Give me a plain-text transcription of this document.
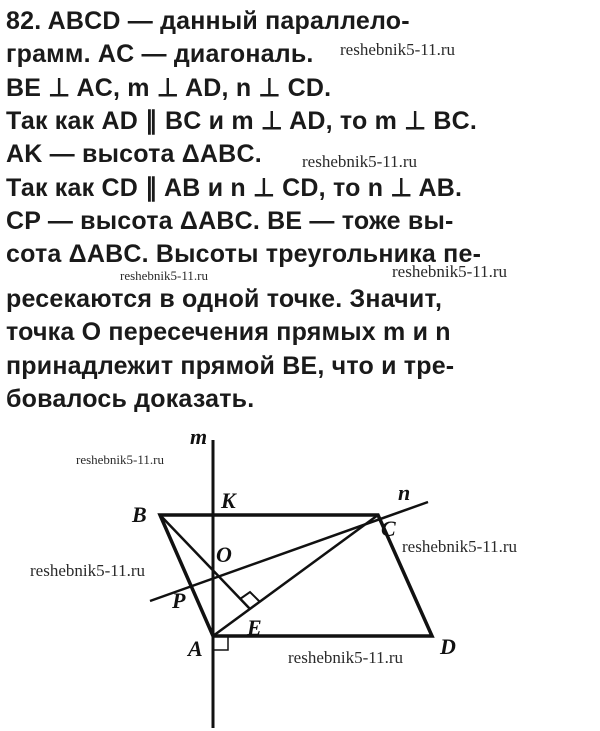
82. ABCD — данный параллело-
грамм. AC — диагональ.
BE ⊥ AC, m ⊥ AD, n ⊥ CD.
Так как AD ∥ BC и m ⊥ AD, то m ⊥ BC.
AK — высота ΔABC.
Так как CD ∥ AB и n ⊥ CD, то n ⊥ AB.
CP — высота ΔABC. BE — тоже вы-
сота ΔABC. Высоты треугольника пе-
ресекаются в одной точке. Значит,
точка O пересечения прямых m и n
принадлежит прямой BE, что и тре-
бовалось доказать.
reshebnik5-11.ru
reshebnik5-11.ru
reshebnik5-11.ru	reshebnik5-11.ru
reshebnik5-11.ru
reshebnik5-11.ru
reshebnik5-11.ru
reshebnik5-11.ru
m
n
B
K
C
O
P
E
A	D
